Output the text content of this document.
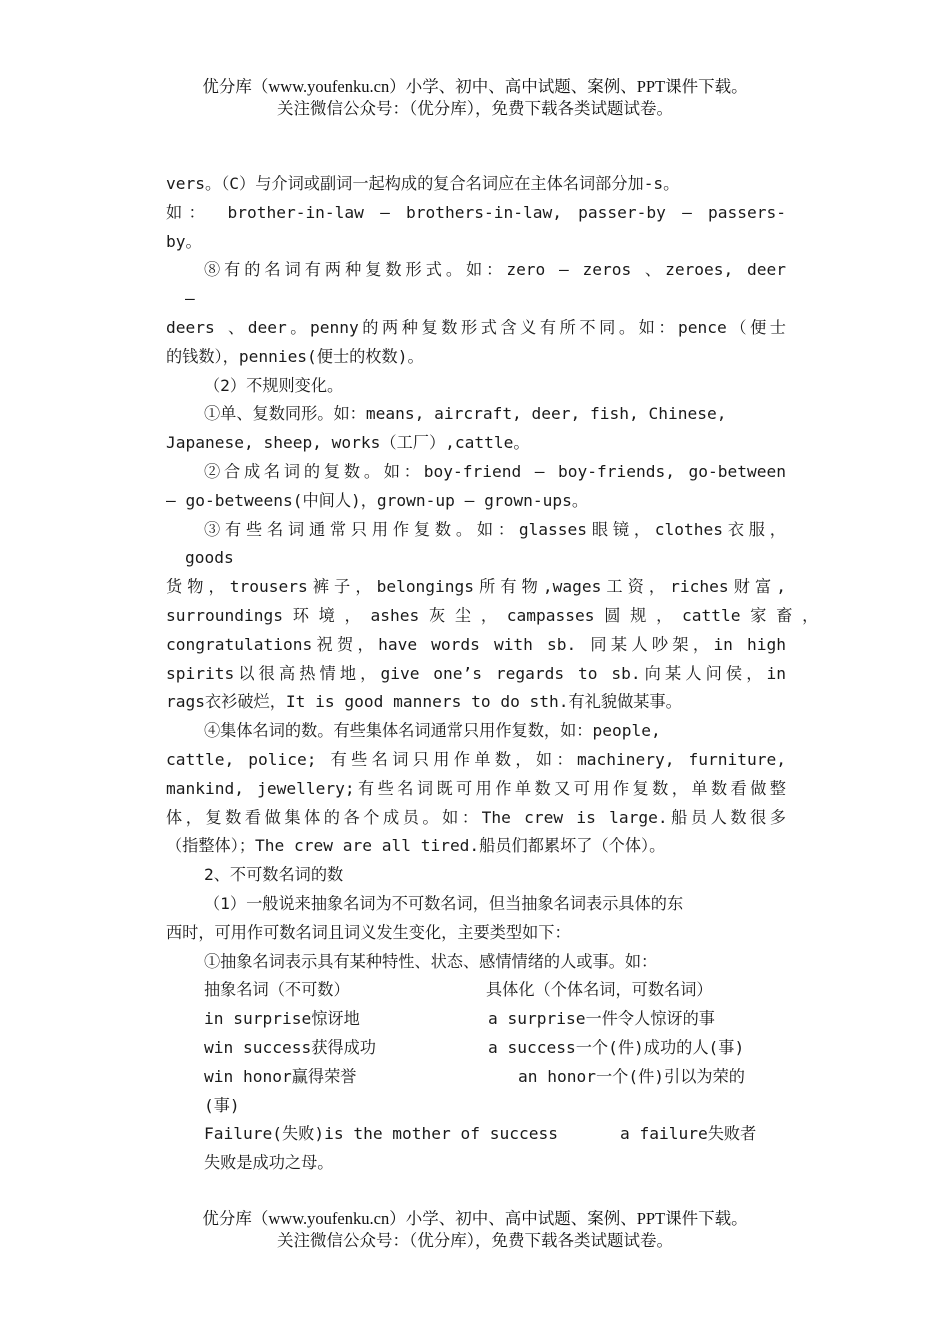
优分库（www.youfenku.cn）小学、初中、高中试题、案例、PPT课件下载。
关注微信公众号：（优分库），免费下载各类试题试卷。
vers。（C）与介词或副词一起构成的复合名词应在主体名词部分加-s。
如： brother-in-law — brothers-in-law, passer-by — passers-
by。
⑧有的名词有两种复数形式。如：zero — zeros 、zeroes, deer
—
deers 、deer。penny的两种复数形式含义有所不同。如：pence（便士
的钱数），pennies(便士的枚数)。
（2）不规则变化。
①单、复数同形。如：means, aircraft, deer, fish, Chinese,
Japanese, sheep, works（工厂）,cattle。
②合成名词的复数。如：boy-friend — boy-friends, go-between
— go-betweens(中间人)，grown-up — grown-ups。
③有些名词通常只用作复数。如：glasses眼镜，clothes衣服，
goods
货物，trousers裤子，belongings所有物,wages工资，riches财富,
surroundings 环 境 ， ashes 灰 尘 ， campasses 圆 规 ， cattle 家 畜 ，
congratulations祝贺，have words with sb. 同某人吵架，in high
spirits以很高热情地，give one’s regards to sb.向某人问侯，in
rags衣衫破烂，It is good manners to do sth.有礼貌做某事。
④集体名词的数。有些集体名词通常只用作复数，如：people,
cattle, police; 有些名词只用作单数，如：machinery, furniture,
mankind, jewellery;有些名词既可用作单数又可用作复数，单数看做整
体，复数看做集体的各个成员。如：The crew is large.船员人数很多
（指整体）；The crew are all tired.船员们都累坏了（个体）。
2、不可数名词的数
（1）一般说来抽象名词为不可数名词，但当抽象名词表示具体的东
西时，可用作可数名词且词义发生变化，主要类型如下：
①抽象名词表示具有某种特性、状态、感情情绪的人或事。如：
抽象名词（不可数）	具体化（个体名词，可数名词）
in surprise惊讶地	a surprise一件令人惊讶的事
win success获得成功	a success一个(件)成功的人(事)
win honor赢得荣誉	an honor一个(件)引以为荣的
(事)
Failure(失败)is the mother of success	a failure失败者
失败是成功之母。
优分库（www.youfenku.cn）小学、初中、高中试题、案例、PPT课件下载。
关注微信公众号：（优分库），免费下载各类试题试卷。
